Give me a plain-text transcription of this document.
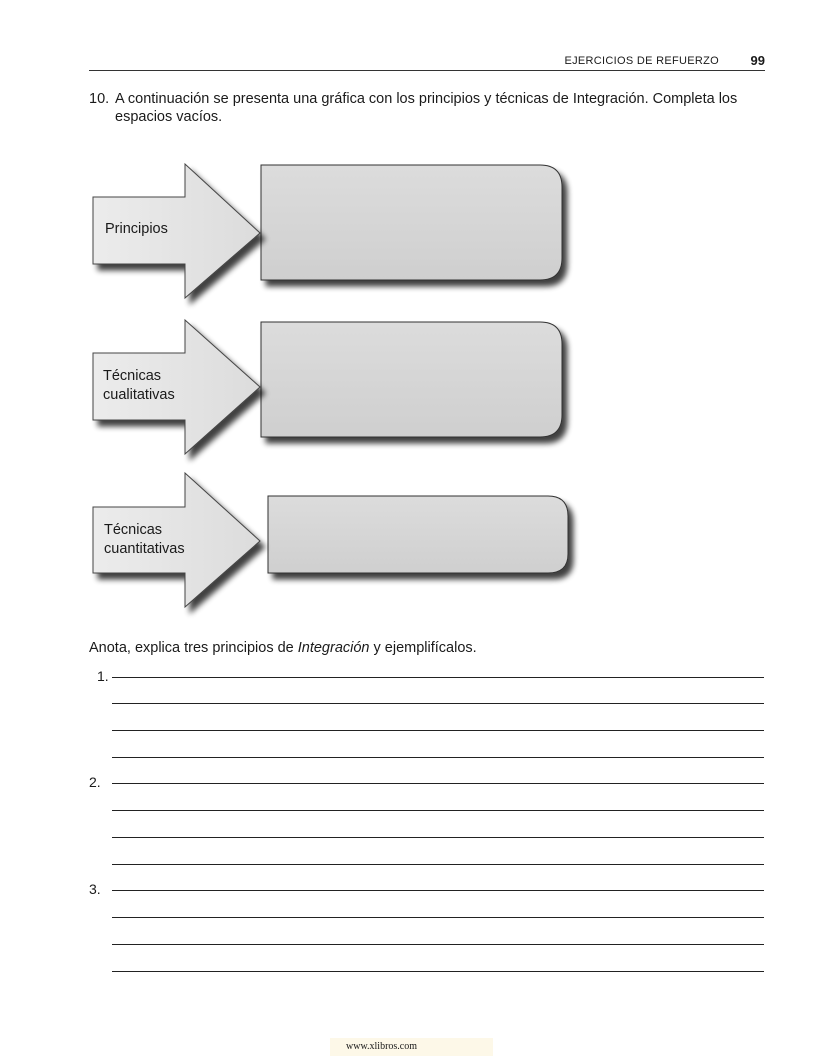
EJERCICIOS DE REFUERZO 99
10. A continuación se presenta una gráfica con los principios y técnicas de Integración. Completa los espacios vacíos.
Principios
Técnicas
cualitativas
Técnicas
cuantitativas
Anota, explica tres principios de Integración y ejemplifícalos.
1.
2.
3.
www.xlibros.com
